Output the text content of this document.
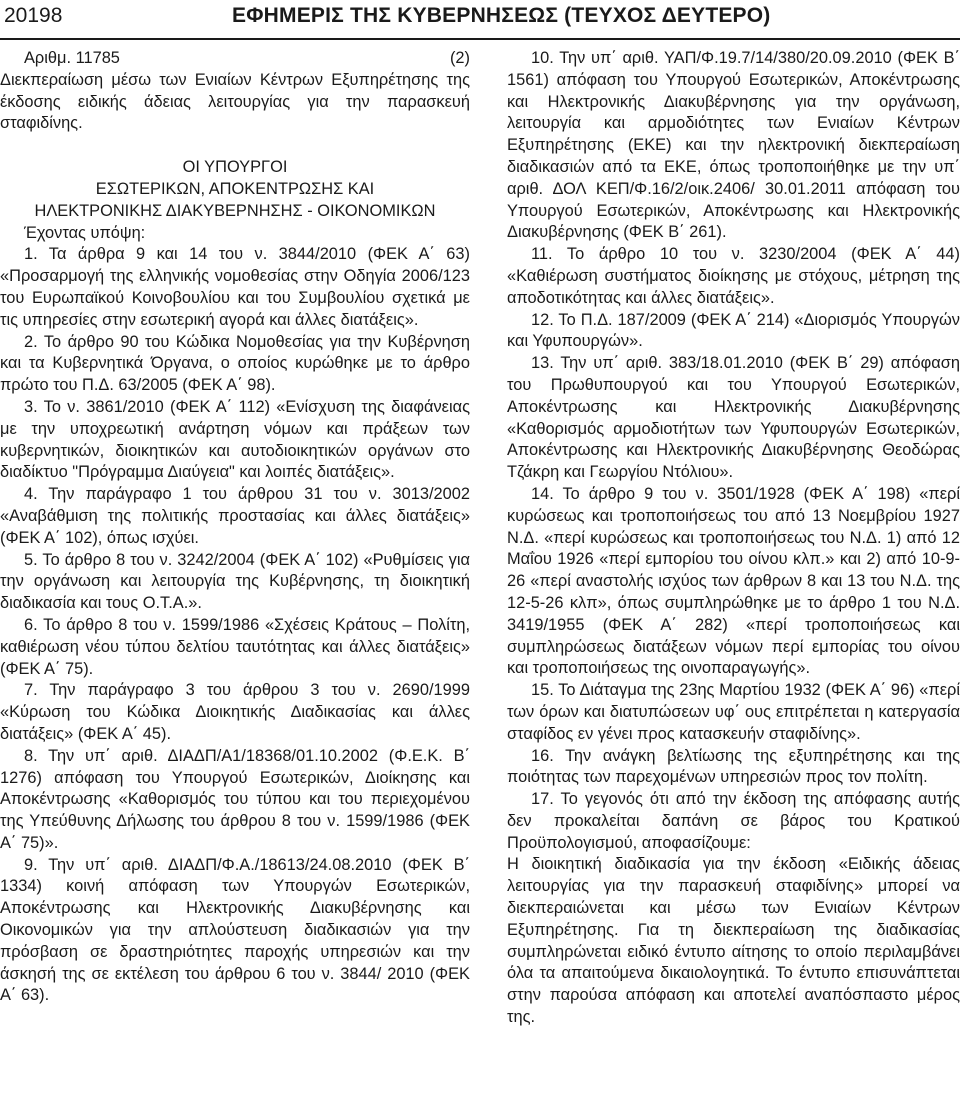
20198	ΕΦΗΜΕΡΙΣ ΤΗΣ ΚΥΒΕΡΝΗΣΕΩΣ (ΤΕΥΧΟΣ ΔΕΥΤΕΡΟ)

Αριθμ. 11785	(2)

Διεκπεραίωση μέσω των Ενιαίων Κέντρων Εξυπηρέτησης της έκδοσης ειδικής άδειας λειτουργίας για την παρασκευή σταφιδίνης.

ΟΙ ΥΠΟΥΡΓΟΙ

ΕΣΩΤΕΡΙΚΩΝ, ΑΠΟΚΕΝΤΡΩΣΗΣ ΚΑΙ

ΗΛΕΚΤΡΟΝΙΚΗΣ ΔΙΑΚΥΒΕΡΝΗΣΗΣ - ΟΙΚΟΝΟΜΙΚΩΝ

Έχοντας υπόψη:

1. Τα άρθρα 9 και 14 του ν. 3844/2010 (ΦΕΚ Α΄ 63) «Προσαρμογή της ελληνικής νομοθεσίας στην Οδηγία 2006/123 του Ευρωπαϊκού Κοινοβουλίου και του Συμβουλίου σχετικά με τις υπηρεσίες στην εσωτερική αγορά και άλλες διατάξεις».

2. Το άρθρο 90 του Κώδικα Νομοθεσίας για την Κυβέρνηση και τα Κυβερνητικά Όργανα, ο οποίος κυρώθηκε με το άρθρο πρώτο του Π.Δ. 63/2005 (ΦΕΚ Α΄ 98).

3. Το ν. 3861/2010 (ΦΕΚ Α΄ 112) «Ενίσχυση της διαφάνειας με την υποχρεωτική ανάρτηση νόμων και πράξεων των κυβερνητικών, διοικητικών και αυτοδιοικητικών οργάνων στο διαδίκτυο "Πρόγραμμα Διαύγεια" και λοιπές διατάξεις».

4. Την παράγραφο 1 του άρθρου 31 του ν. 3013/2002 «Αναβάθμιση της πολιτικής προστασίας και άλλες διατάξεις» (ΦΕΚ Α΄ 102), όπως ισχύει.

5. Το άρθρο 8 του ν. 3242/2004 (ΦΕΚ Α΄ 102) «Ρυθμίσεις για την οργάνωση και λειτουργία της Κυβέρνησης, τη διοικητική διαδικασία και τους Ο.Τ.Α.».

6. Το άρθρο 8 του ν. 1599/1986 «Σχέσεις Κράτους – Πολίτη, καθιέρωση νέου τύπου δελτίου ταυτότητας και άλλες διατάξεις» (ΦΕΚ Α΄ 75).

7. Την παράγραφο 3 του άρθρου 3 του ν. 2690/1999 «Κύρωση του Κώδικα Διοικητικής Διαδικασίας και άλλες διατάξεις» (ΦΕΚ Α΄ 45).

8. Την υπ΄ αριθ. ΔΙΑΔΠ/Α1/18368/01.10.2002 (Φ.Ε.Κ. Β΄ 1276) απόφαση του Υπουργού Εσωτερικών, Διοίκησης και Αποκέντρωσης «Καθορισμός του τύπου και του περιεχομένου της Υπεύθυνης Δήλωσης του άρθρου 8 του ν. 1599/1986 (ΦΕΚ Α΄ 75)».

9. Την υπ΄ αριθ. ΔΙΑΔΠ/Φ.Α./18613/24.08.2010 (ΦΕΚ Β΄ 1334) κοινή απόφαση των Υπουργών Εσωτερικών, Αποκέντρωσης και Ηλεκτρονικής Διακυβέρνησης και Οικονομικών για την απλούστευση διαδικασιών για την πρόσβαση σε δραστηριότητες παροχής υπηρεσιών και την άσκησή της σε εκτέλεση του άρθρου 6 του ν. 3844/ 2010 (ΦΕΚ Α΄ 63).

10. Την υπ΄ αριθ. ΥΑΠ/Φ.19.7/14/380/20.09.2010 (ΦΕΚ Β΄ 1561) απόφαση του Υπουργού Εσωτερικών, Αποκέντρωσης και Ηλεκτρονικής Διακυβέρνησης για την οργάνωση, λειτουργία και αρμοδιότητες των Ενιαίων Κέντρων Εξυπηρέτησης (ΕΚΕ) και την ηλεκτρονική διεκπεραίωση διαδικασιών από τα ΕΚΕ, όπως τροποποιήθηκε με την υπ΄ αριθ. ΔΟΛ ΚΕΠ/Φ.16/2/οικ.2406/ 30.01.2011 απόφαση του Υπουργού Εσωτερικών, Αποκέντρωσης και Ηλεκτρονικής Διακυβέρνησης (ΦΕΚ Β΄ 261).

11. Το άρθρο 10 του ν. 3230/2004 (ΦΕΚ Α΄ 44) «Καθιέρωση συστήματος διοίκησης με στόχους, μέτρηση της αποδοτικότητας και άλλες διατάξεις».

12. Το Π.Δ. 187/2009 (ΦΕΚ Α΄ 214) «Διορισμός Υπουργών και Υφυπουργών».

13. Την υπ΄ αριθ. 383/18.01.2010 (ΦΕΚ Β΄ 29) απόφαση του Πρωθυπουργού και του Υπουργού Εσωτερικών, Αποκέντρωσης και Ηλεκτρονικής Διακυβέρνησης «Καθορισμός αρμοδιοτήτων των Υφυπουργών Εσωτερικών, Αποκέντρωσης και Ηλεκτρονικής Διακυβέρνησης Θεοδώρας Τζάκρη και Γεωργίου Ντόλιου».

14. Το άρθρο 9 του ν. 3501/1928 (ΦΕΚ Α΄ 198) «περί κυρώσεως και τροποποιήσεως του από 13 Νοεμβρίου 1927 Ν.Δ. «περί κυρώσεως και τροποποιήσεως του Ν.Δ. 1) από 12 Μαΐου 1926 «περί εμπορίου του οίνου κλπ.» και 2) από 10-9-26 «περί αναστολής ισχύος των άρθρων 8 και 13 του Ν.Δ. της 12-5-26 κλπ», όπως συμπληρώθηκε με το άρθρο 1 του Ν.Δ. 3419/1955 (ΦΕΚ Α΄ 282) «περί τροποποιήσεως και συμπληρώσεως διατάξεων νόμων περί εμπορίας του οίνου και τροποποιήσεως της οινοπαραγωγής».

15. Το Διάταγμα της 23ης Μαρτίου 1932 (ΦΕΚ Α΄ 96) «περί των όρων και διατυπώσεων υφ΄ ους επιτρέπεται η κατεργασία σταφίδος εν γένει προς κατασκευήν σταφιδίνης».

16. Την ανάγκη βελτίωσης της εξυπηρέτησης και της ποιότητας των παρεχομένων υπηρεσιών προς τον πολίτη.

17. Το γεγονός ότι από την έκδοση της απόφασης αυτής δεν προκαλείται δαπάνη σε βάρος του Κρατικού Προϋπολογισμού, αποφασίζουμε:

Η διοικητική διαδικασία για την έκδοση «Ειδικής άδειας λειτουργίας για την παρασκευή σταφιδίνης» μπορεί να διεκπεραιώνεται και μέσω των Ενιαίων Κέντρων Εξυπηρέτησης. Για τη διεκπεραίωση της διαδικασίας συμπληρώνεται ειδικό έντυπο αίτησης το οποίο περιλαμβάνει όλα τα απαιτούμενα δικαιολογητικά. Το έντυπο επισυνάπτεται στην παρούσα απόφαση και αποτελεί αναπόσπαστο μέρος της.
